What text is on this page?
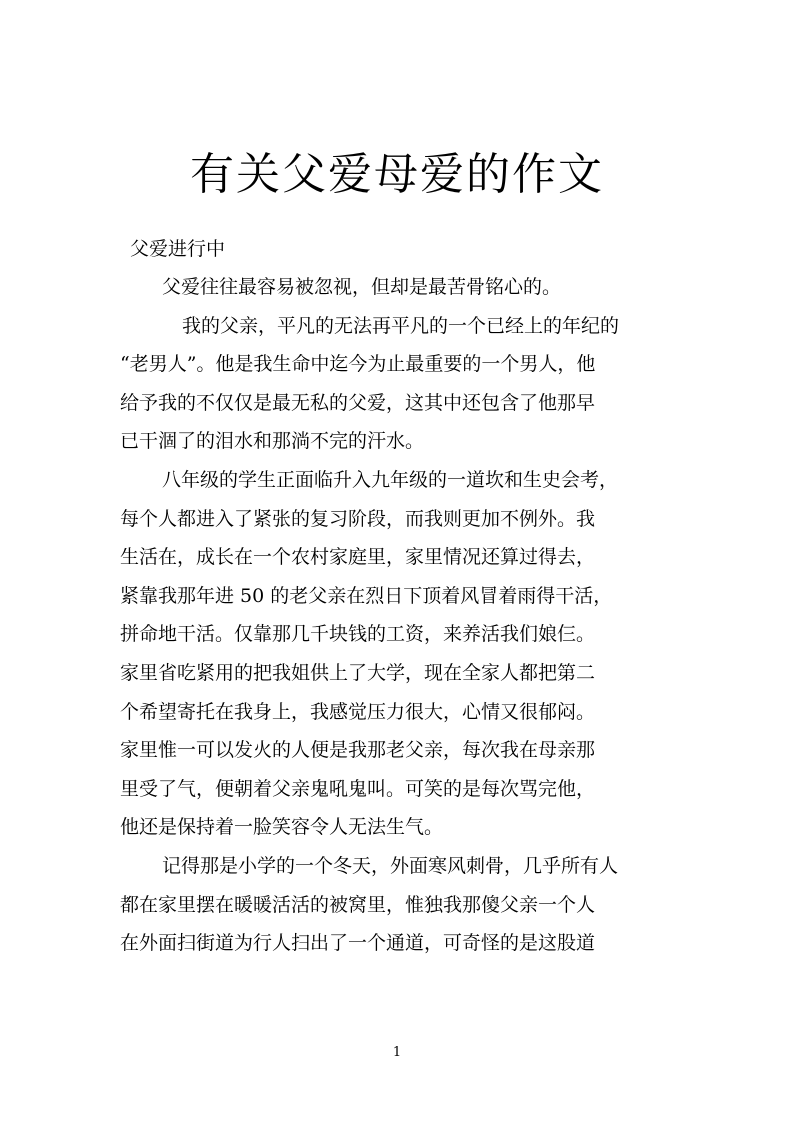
有关父爱母爱的作文
父爱进行中
父爱往往最容易被忽视，但却是最苦骨铭心的。
我的父亲，平凡的无法再平凡的一个已经上的年纪的
“老男人”。他是我生命中迄今为止最重要的一个男人，他
给予我的不仅仅是最无私的父爱，这其中还包含了他那早
已干涸了的泪水和那淌不完的汗水。
八年级的学生正面临升入九年级的一道坎和生史会考，
每个人都进入了紧张的复习阶段，而我则更加不例外。我
生活在，成长在一个农村家庭里，家里情况还算过得去，
紧靠我那年进 50 的老父亲在烈日下顶着风冒着雨得干活，
拼命地干活。仅靠那几千块钱的工资，来养活我们娘仨。
家里省吃紧用的把我姐供上了大学，现在全家人都把第二
个希望寄托在我身上，我感觉压力很大，心情又很郁闷。
家里惟一可以发火的人便是我那老父亲，每次我在母亲那
里受了气，便朝着父亲鬼吼鬼叫。可笑的是每次骂完他，
他还是保持着一脸笑容令人无法生气。
记得那是小学的一个冬天，外面寒风刺骨，几乎所有人
都在家里摆在暖暖活活的被窝里，惟独我那傻父亲一个人
在外面扫街道为行人扫出了一个通道，可奇怪的是这股道
1
